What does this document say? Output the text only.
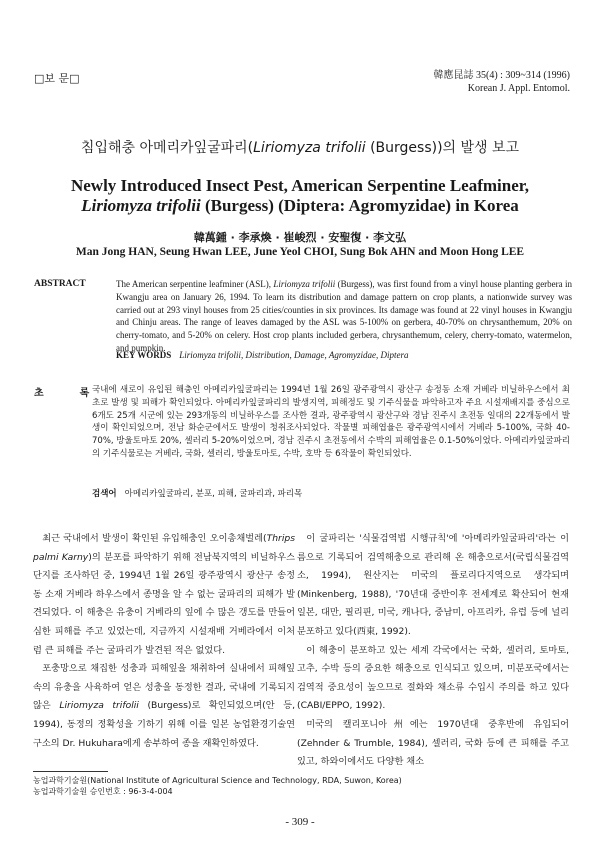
□보 문□	韓應昆誌 35(4) : 309~314 (1996)
Korean J. Appl. Entomol.
침입해충 아메리카잎굴파리(Liriomyza trifolii (Burgess))의 발생 보고
Newly Introduced Insect Pest, American Serpentine Leafminer,
Liriomyza trifolii (Burgess) (Diptera: Agromyzidae) in Korea
韓萬鍾 · 李承煥 · 崔峻烈 · 安聖復 · 李文弘
Man Jong HAN, Seung Hwan LEE, June Yeol CHOI, Sung Bok AHN and Moon Hong LEE
ABSTRACT	The American serpentine leafminer (ASL), Liriomyza trifolii (Burgess), was first found from a vinyl house planting gerbera in Kwangju area on January 26, 1994. To learn its distribution and damage pattern on crop plants, a nationwide survey was carried out at 293 vinyl houses from 25 cities/counties in six provinces. Its damage was found at 22 vinyl houses in Kwangju and Chinju areas. The range of leaves damaged by the ASL was 5-100% on gerbera, 40-70% on chrysanthemum, 20% on cherry-tomato, and 5-20% on celery. Host crop plants included gerbera, chrysanthemum, celery, cherry-tomato, watermelon, and pumpkin.
KEY WORDS Liriomyza trifolii, Distribution, Damage, Agromyzidae, Diptera
초록
국내에 새로이 유입된 해충인 아메리카잎굴파리는 1994년 1월 26일 광주광역시 광산구 송정동 소재 거베라 비닐하우스에서 최초로 발생 및 피해가 확인되었다. 아메리카잎굴파리의 발생지역, 피해정도 및 기주식물을 파악하고자 주요 시설재배지를 중심으로 6개도 25개 시군에 있는 293개동의 비닐하우스를 조사한 결과, 광주광역시 광산구와 경남 진주시 초전동 일대의 22개동에서 발생이 확인되었으며, 전남 화순군에서도 발생이 청취조사되었다. 작물별 피해엽율은 광주광역시에서 거베라 5-100%, 국화 40-70%, 방울토마토 20%, 셀러리 5-20%이었으며, 경남 진주시 초전동에서 수박의 피해엽율은 0.1-50%이었다. 아메리카잎굴파리의 기주식물로는 거베라, 국화, 셀러리, 방울토마토, 수박, 호박 등 6작물이 확인되었다.
검색어 아메리카잎굴파리, 분포, 피해, 굴파리과, 파리목

최근 국내에서 발생이 확인된 유입해충인 오이총채벌레(Thrips palmi Karny)의 분포를 파악하기 위해 전남북지역의 비닐하우스단지를 조사하던 중, 1994년 1월 26일 광주광역시 광산구 송정동 소재 거베라 하우스에서 종명을 알 수 없는 굴파리의 피해가 발견되었다. 이 해충은 유충이 거베라의 잎에 수 많은 갱도를 만들어 심한 피해를 주고 있었는데, 지금까지 시설재배 거베라에서 이처럼 큰 피해를 주는 굴파리가 발견된 적은 없었다.

포충망으로 채집한 성충과 피해잎을 채취하여 실내에서 피해잎 속의 유충을 사육하여 얻은 성충을 동정한 결과, 국내에 기록되지 않은 Liriomyza trifolii (Burgess)로 확인되었으며(안 등, 1994), 동정의 정확성을 기하기 위해 이를 일본 농업환경기술연구소의 Dr. Hukuhara에게 송부하여 종을 재확인하였다.

이 굴파리는 '식물검역법 시행규칙'에 '아메리카잎굴파리'라는 이름으로 기록되어 검역해충으로 관리해 온 해충으로서(국립식물검역소, 1994), 원산지는 미국의 플로리다지역으로 생각되며(Minkenberg, 1988), '70년대 중반이후 전세계로 확산되어 현재 일본, 대만, 필리핀, 미국, 캐나다, 중남미, 아프리카, 유럽 등에 널리 분포하고 있다(西東, 1992).

이 해충이 분포하고 있는 세계 각국에서는 국화, 셀러리, 토마토, 고추, 수박 등의 중요한 해충으로 인식되고 있으며, 미분포국에서는 검역적 중요성이 높으므로 절화와 채소류 수입시 주의를 하고 있다(CABI/EPPO, 1992).

미국의 캘리포니아州에는 1970년대 중후반에 유입되어(Zehnder & Trumble, 1984), 셀러리, 국화 등에 큰 피해를 주고 있고, 하와이에서도 다양한 채소

농업과학기술원(National Institute of Agricultural Science and Technology, RDA, Suwon, Korea)
농업과학기술원 승인번호 : 96-3-4-004
- 309 -
